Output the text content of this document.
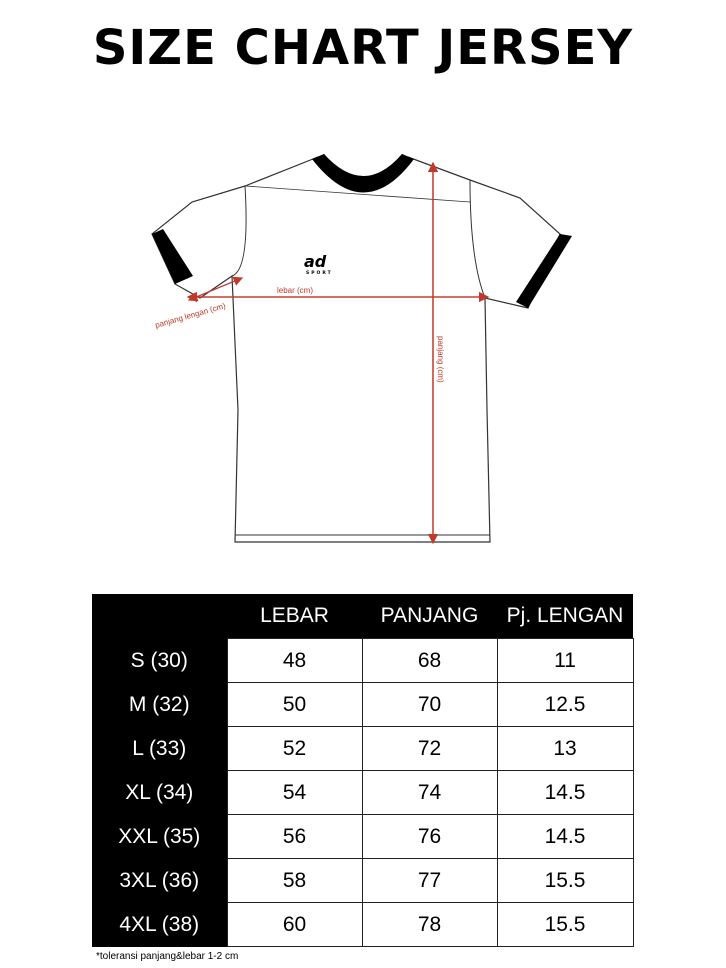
SIZE CHART JERSEY
ad
SPORT
lebar (cm)
panjang (cm)
panjang lengan (cm)
	LEBAR	PANJANG	Pj. LENGAN
S (30)	48	68	11
M (32)	50	70	12.5
L (33)	52	72	13
XL (34)	54	74	14.5
XXL (35)	56	76	14.5
3XL (36)	58	77	15.5
4XL (38)	60	78	15.5
*toleransi panjang&lebar 1-2 cm
